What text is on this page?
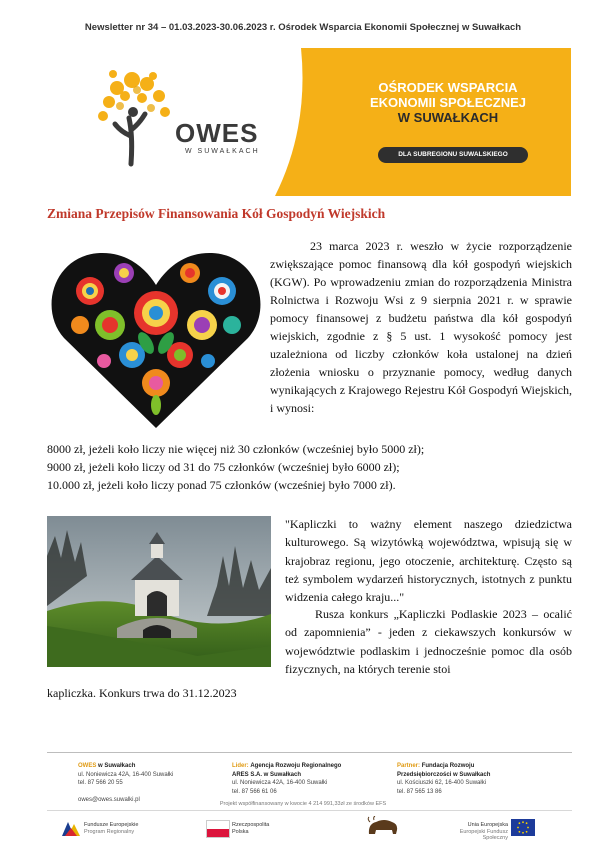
Newsletter nr 34 – 01.03.2023-30.06.2023 r. Ośrodek Wsparcia Ekonomii Społecznej w Suwałkach
OWES
W SUWAŁKACH
OŚRODEK WSPARCIA
EKONOMII SPOŁECZNEJ
W SUWAŁKACH
DLA SUBREGIONU SUWALSKIEGO
Zmiana Przepisów Finansowania Kół Gospodyń Wiejskich
23 marca 2023 r. weszło w życie rozporządzenie zwiększające pomoc finansową dla kół gospodyń wiejskich (KGW). Po wprowadzeniu zmian do rozporządzenia Ministra Rolnictwa i Rozwoju Wsi z 9 sierpnia 2021 r. w sprawie pomocy finansowej z budżetu państwa dla kół gospodyń wiejskich, zgodnie z § 5 ust. 1 wysokość pomocy jest uzależniona od liczby członków koła ustalonej na dzień złożenia wniosku o przyznanie pomocy, według danych wynikających z Krajowego Rejestru Kół Gospodyń Wiejskich, i wynosi:
8000 zł, jeżeli koło liczy nie więcej niż 30 członków (wcześniej było 5000 zł);
9000 zł, jeżeli koło liczy od 31 do 75 członków (wcześniej było 6000 zł);
10.000 zł, jeżeli koło liczy ponad 75 członków (wcześniej było 7000 zł).
"Kapliczki to ważny element naszego dziedzictwa kulturowego. Są wizytówką województwa, wpisują się w krajobraz regionu, jego otoczenie, architekturę. Często są też symbolem wydarzeń historycznych, istotnych z punktu widzenia całego kraju..."
Rusza konkurs „Kapliczki Podlaskie 2023 – ocalić od zapomnienia” - jeden z ciekawszych konkursów w województwie podlaskim i jednocześnie pomoc dla osób fizycznych, na których terenie stoi
kapliczka. Konkurs trwa do 31.12.2023
OWES w Suwałkach
ul. Noniewicza 42A, 16-400 Suwałki
tel. 87 566 20 55
owes@owes.suwalki.pl
Lider: Agencja Rozwoju Regionalnego
ARES S.A. w Suwałkach
ul. Noniewicza 42A, 16-400 Suwałki
tel. 87 566 61 06
Partner: Fundacja Rozwoju
Przedsiębiorczości w Suwałkach
ul. Kościuszki 62, 16-400 Suwałki
tel. 87 565 13 86
Projekt współfinansowany w kwocie 4 214 991,33zł ze środków EFS
Fundusze Europejskie
Program Regionalny
Rzeczpospolita Polska
Unia Europejska
Europejski Fundusz Społeczny
